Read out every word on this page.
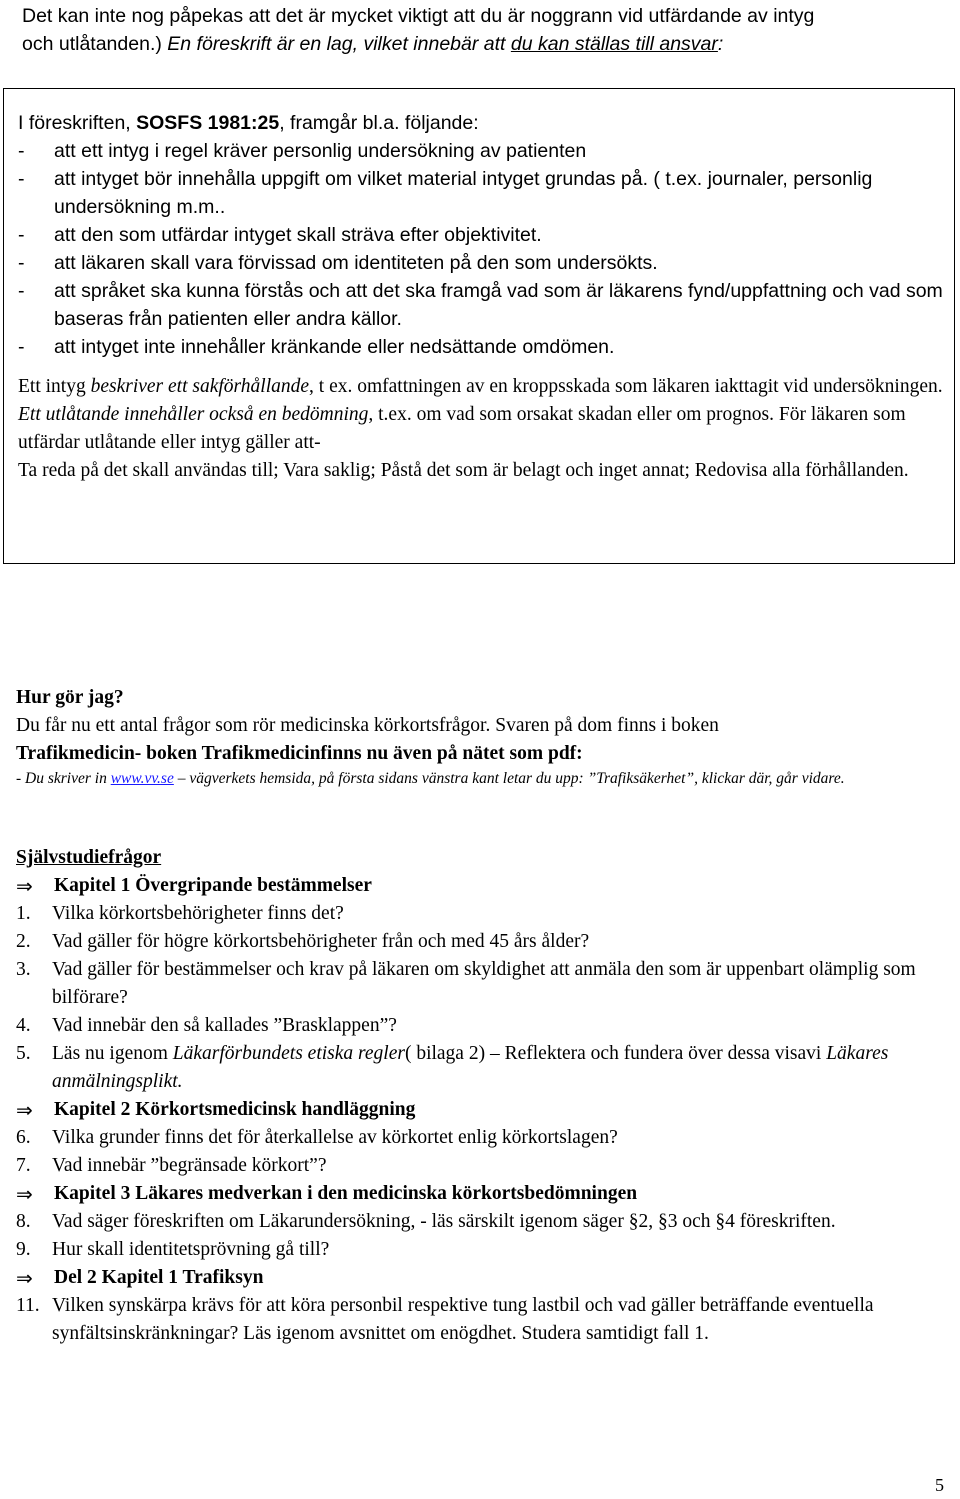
Det kan inte nog påpekas att det är mycket viktigt att du är noggrann vid utfärdande av intyg
och utlåtanden.) En föreskrift är en lag, vilket innebär att du kan ställas till ansvar:
I föreskriften, SOSFS 1981:25, framgår bl.a. följande:
-	att ett intyg i regel kräver personlig undersökning av patienten
-	att intyget bör innehålla uppgift om vilket material intyget grundas på. ( t.ex. journaler, personlig undersökning m.m..
-	att den som utfärdar intyget skall sträva efter objektivitet.
-	att läkaren skall vara förvissad om identiteten på den som undersökts.
-	att språket ska kunna förstås och att det ska framgå vad som är läkarens fynd/uppfattning och vad som baseras från patienten eller andra källor.
-	att intyget inte innehåller kränkande eller nedsättande omdömen.
Ett intyg beskriver ett sakförhållande, t ex. omfattningen av en kroppsskada som läkaren iakttagit vid undersökningen. Ett utlåtande innehåller också en bedömning, t.ex. om vad som orsakat skadan eller om prognos. För läkaren som utfärdar utlåtande eller intyg gäller att-
Ta reda på det skall användas till; Vara saklig; Påstå det som är belagt och inget annat; Redovisa alla förhållanden.
Hur gör jag?
Du får nu ett antal frågor som rör medicinska körkortsfrågor. Svaren på dom finns i boken
Trafikmedicin- boken Trafikmedicinfinns nu även på nätet som pdf:
- Du skriver in www.vv.se – vägverkets hemsida, på första sidans vänstra kant letar du upp: ”Trafiksäkerhet”, klickar där, går vidare.
Självstudiefrågor
⇒	Kapitel 1 Övergripande bestämmelser
1.	Vilka körkortsbehörigheter finns det?
2.	Vad gäller för högre körkortsbehörigheter från och med 45 års ålder?
3.	Vad gäller för bestämmelser och krav på läkaren om skyldighet att anmäla den som är uppenbart olämplig som bilförare?
4.	Vad innebär den så kallades ”Brasklappen”?
5.	Läs nu igenom Läkarförbundets etiska regler( bilaga 2) – Reflektera och fundera över dessa visavi Läkares anmälningsplikt.
⇒	Kapitel 2 Körkortsmedicinsk handläggning
6.	Vilka grunder finns det för återkallelse av körkortet enlig körkortslagen?
7.	Vad innebär ”begränsade körkort”?
⇒	Kapitel 3 Läkares medverkan i den medicinska körkortsbedömningen
8.	Vad säger föreskriften om Läkarundersökning, - läs särskilt igenom säger §2, §3 och §4 föreskriften.
9.	Hur skall identitetsprövning gå till?
⇒	Del 2 Kapitel 1 Trafiksyn
11. Vilken synskärpa krävs för att köra personbil respektive tung lastbil och vad gäller beträffande eventuella synfältsinskränkningar? Läs igenom avsnittet om enögdhet. Studera samtidigt fall 1.
5
